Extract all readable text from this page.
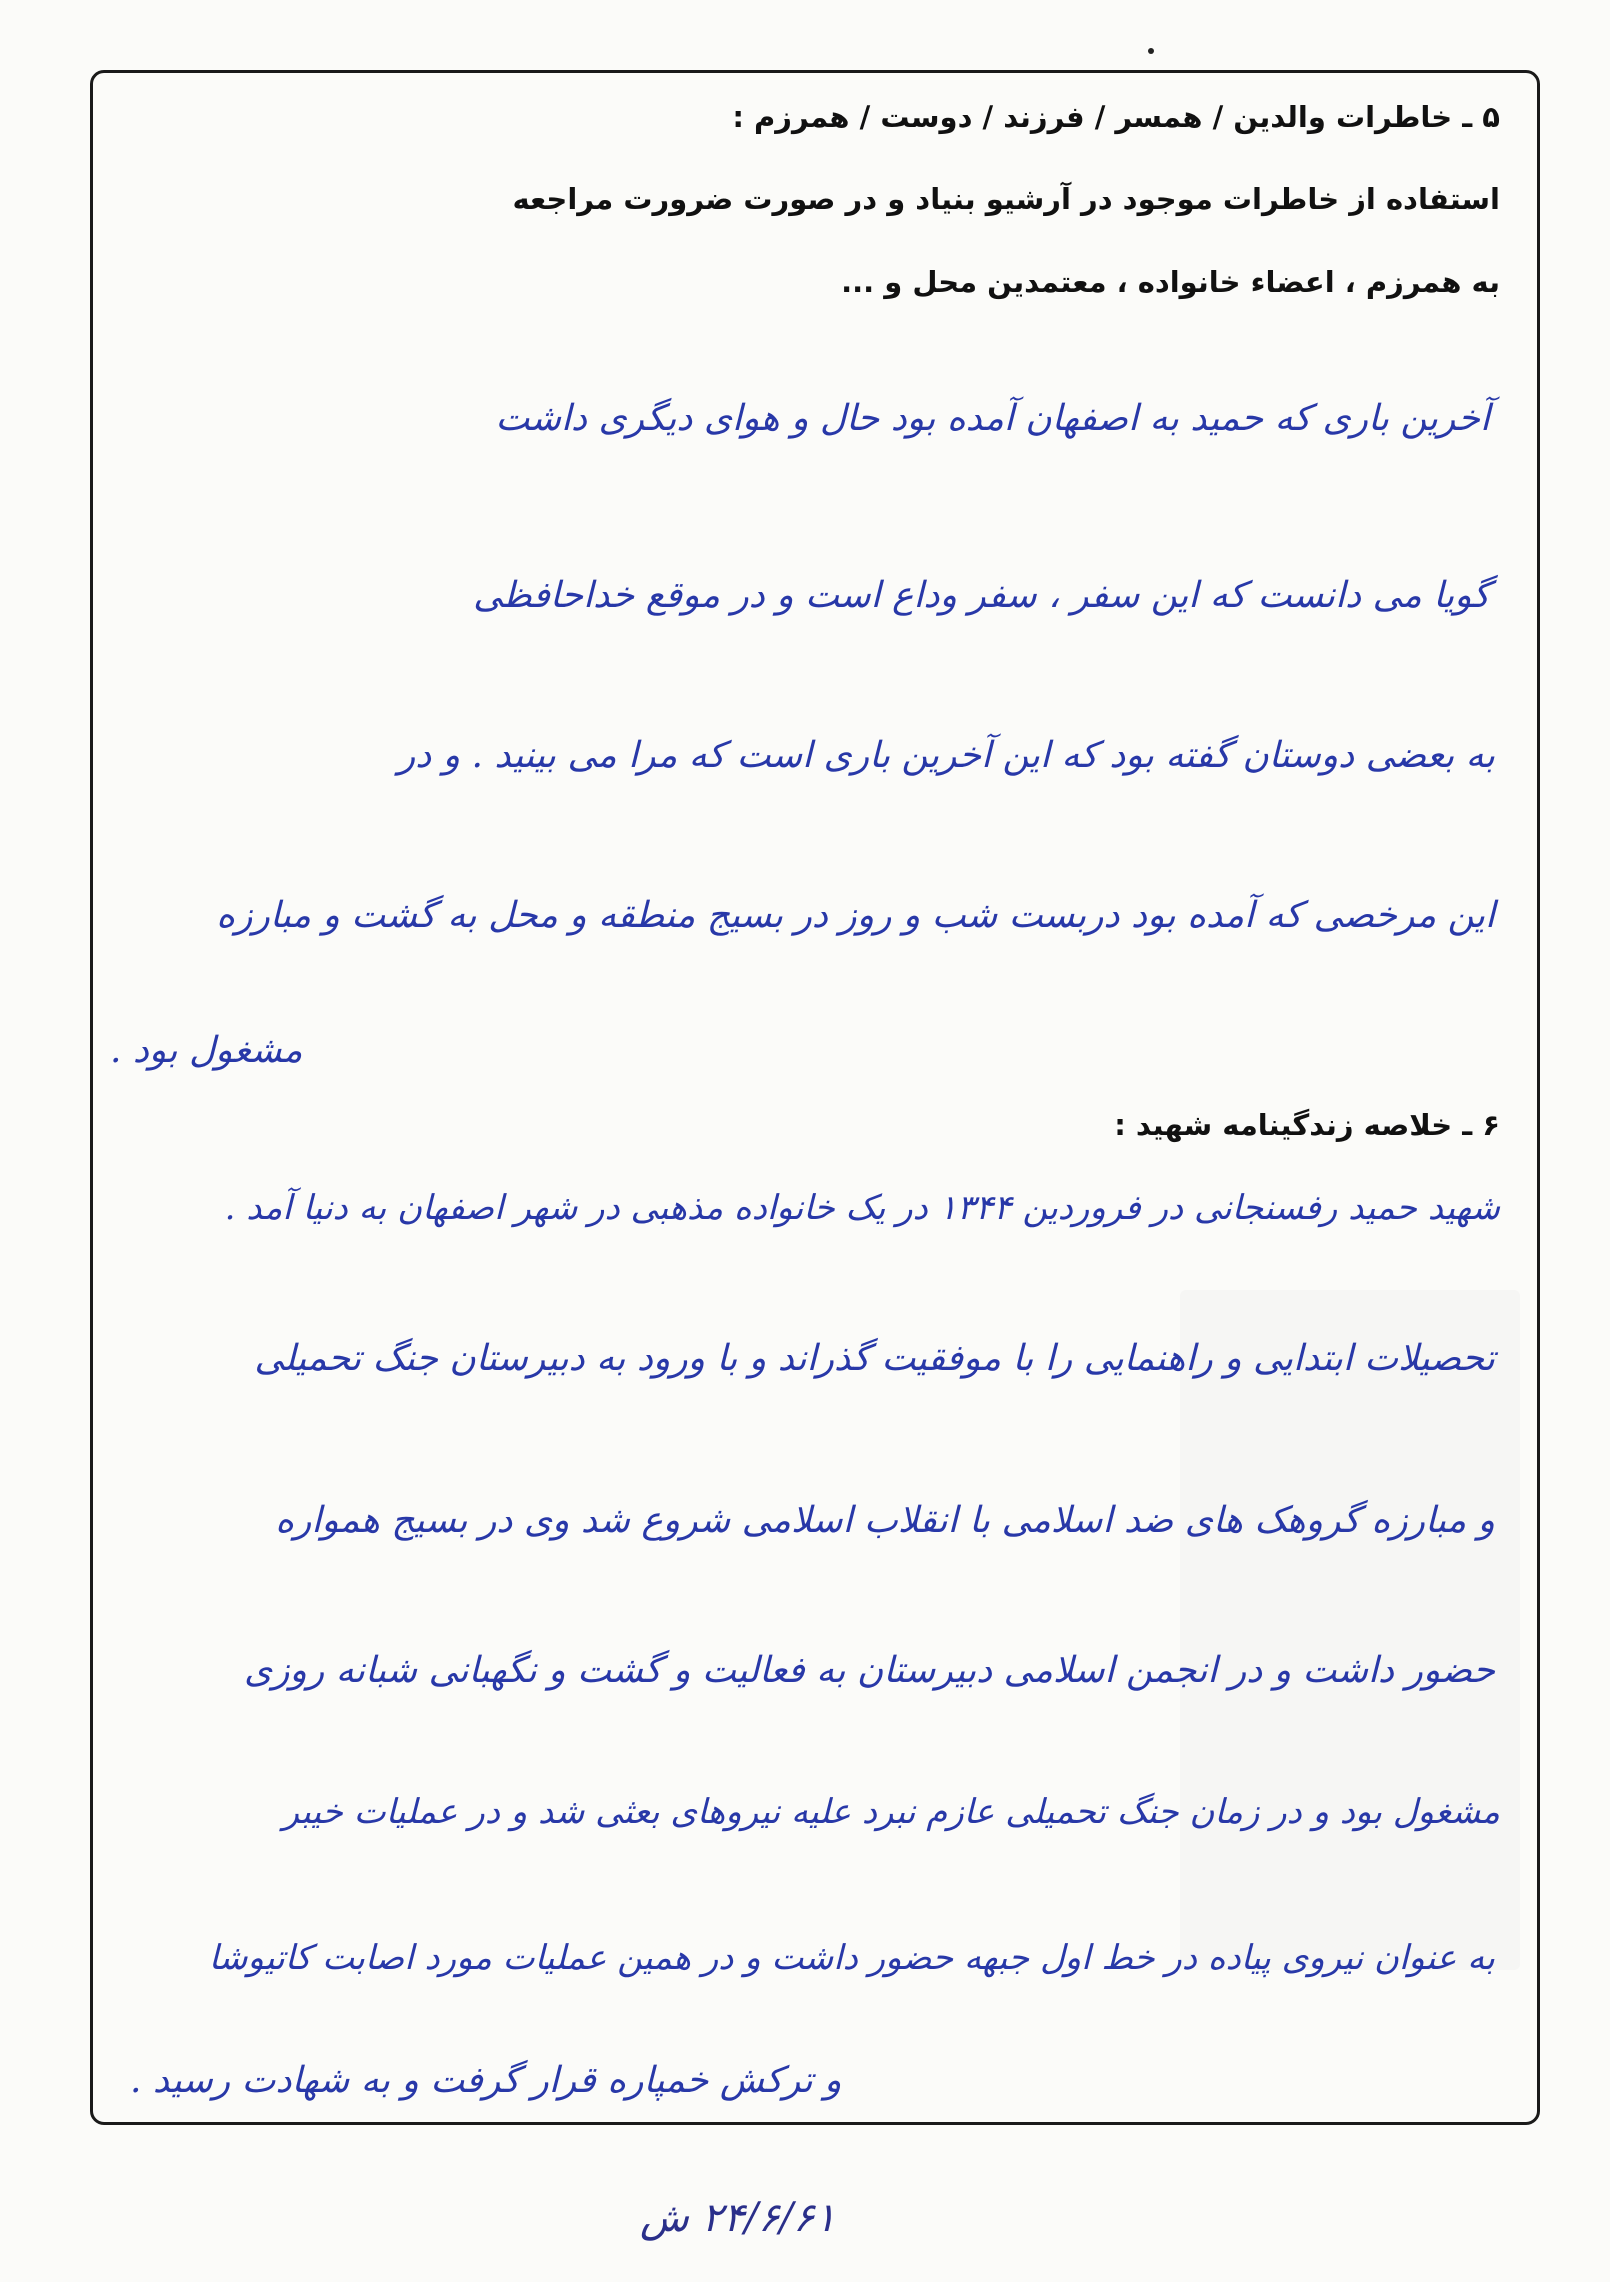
۵ ـ خاطرات والدین / همسر / فرزند / دوست / همرزم :
استفاده از خاطرات موجود در آرشیو بنیاد و در صورت ضرورت مراجعه
به همرزم ، اعضاء خانواده ، معتمدین محل و ...
آخرین باری که حمید به اصفهان آمده بود حال و هوای دیگری داشت
گویا می دانست که این سفر ، سفر وداع است و در موقع خداحافظی
به بعضی دوستان گفته بود که این آخرین باری است که مرا می بینید . و در
این مرخصی که آمده بود دربست شب و روز در بسیج منطقه و محل به گشت و مبارزه
مشغول بود .
۶ ـ خلاصه زندگینامه شهید :
شهید حمید رفسنجانی در فروردین ۱۳۴۴ در یک خانواده مذهبی در شهر اصفهان به دنیا آمد .
تحصیلات ابتدایی و راهنمایی را با موفقیت گذراند و با ورود به دبیرستان جنگ تحمیلی
و مبارزه گروهک های ضد اسلامی با انقلاب اسلامی شروع شد وی در بسیج همواره
حضور داشت و در انجمن اسلامی دبیرستان به فعالیت و گشت و نگهبانی شبانه روزی
مشغول بود و در زمان جنگ تحمیلی عازم نبرد علیه نیروهای بعثی شد و در عملیات خیبر
به عنوان نیروی پیاده در خط اول جبهه حضور داشت و در همین عملیات مورد اصابت کاتیوشا
و ترکش خمپاره قرار گرفت و به شهادت رسید .
۲۴/۶/۶۱ ش
